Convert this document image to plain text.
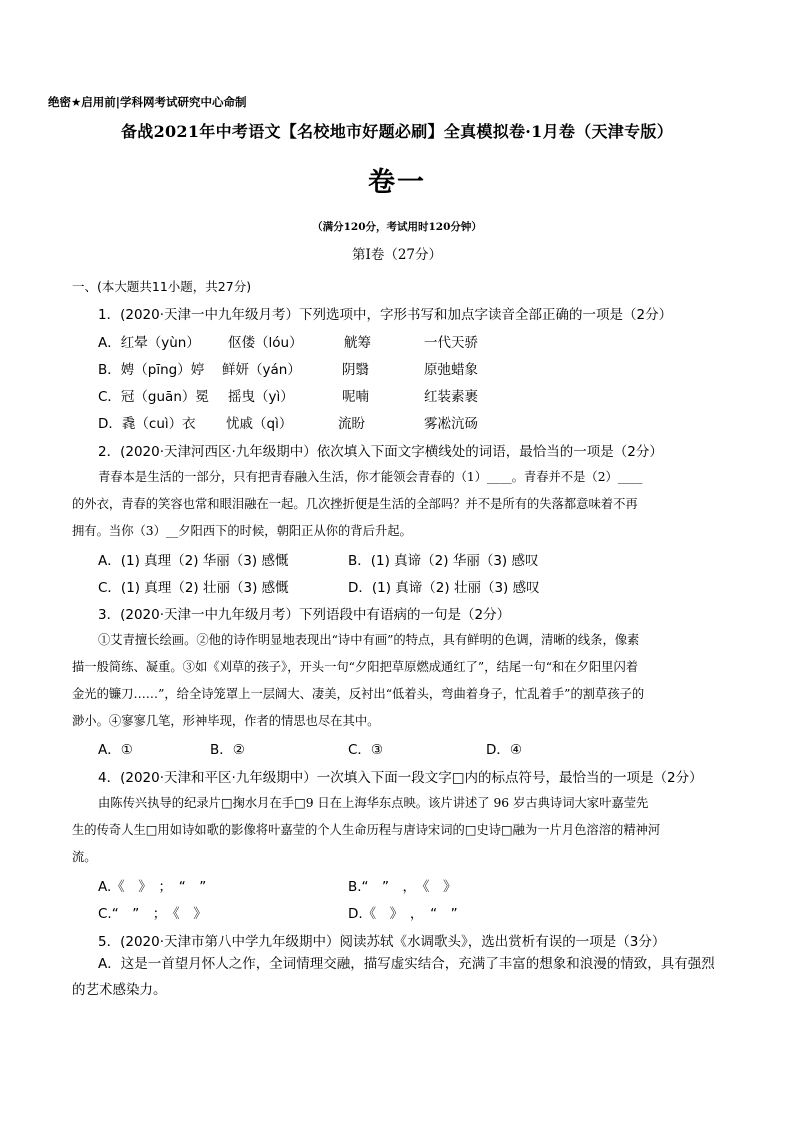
绝密★启用前|学科网考试研究中心命制
备战2021年中考语文【名校地市好题必刷】全真模拟卷·1月卷（天津专版）
卷一
（满分120分，考试用时120分钟）
第Ⅰ卷（27分）
一、(本大题共11小题，共27分)
1．(2020·天津一中九年级月考）下列选项中，字形书写和加点字读音全部正确的一项是（2分）
A．红晕（yùn） 伛偻（lóu）	觥筹	一代天骄
B．娉（pīng）婷 鲜妍（yán）	阴翳	原弛蜡象
C．冠（guān）冕 摇曳（yì）	呢喃	红装素裹
D．毳（cuì）衣 忧戚（qì）	流盼	雾凇沆砀
2．(2020·天津河西区·九年级期中）依次填入下面文字横线处的词语，最恰当的一项是（2分）
青春本是生活的一部分，只有把青春融入生活，你才能领会青春的（1）____。青春并不是（2）____
的外衣，青春的笑容也常和眼泪融在一起。几次挫折便是生活的全部吗？并不是所有的失落都意味着不再
拥有。当你（3）__夕阳西下的时候，朝阳正从你的背后升起。
A．(1) 真理（2) 华丽（3) 感慨	B．(1) 真谛（2) 华丽（3) 感叹
C．(1) 真理（2) 壮丽（3) 感慨	D．(1) 真谛（2) 壮丽（3) 感叹
3．(2020·天津一中九年级月考）下列语段中有语病的一句是（2分）
①艾青擅长绘画。②他的诗作明显地表现出“诗中有画”的特点，具有鲜明的色调，清晰的线条，像素
描一般简练、凝重。③如《刈草的孩子》，开头一句“夕阳把草原燃成通红了”，结尾一句“和在夕阳里闪着
金光的镰刀……”，给全诗笼罩上一层阔大、凄美，反衬出“低着头，弯曲着身子，忙乱着手”的割草孩子的
渺小。④寥寥几笔，形神毕现，作者的情思也尽在其中。
A．①	B．②	C．③	D．④
4．(2020·天津和平区·九年级期中）一次填入下面一段文字□内的标点符号，最恰当的一项是（2分）
由陈传兴执导的纪录片□掬水月在手□9 日在上海华东点映。该片讲述了 96 岁古典诗词大家叶嘉莹先
生的传奇人生□用如诗如歌的影像将叶嘉莹的个人生命历程与唐诗宋词的□史诗□融为一片月色溶溶的精神河
流。
A.《　》　；　“　”	B.“　”　，　《　》
C.“　”　；　《　》	D.《　》　，　“　”
5．(2020·天津市第八中学九年级期中）阅读苏轼《水调歌头》，选出赏析有误的一项是（3分）
A．这是一首望月怀人之作，全词情理交融，描写虚实结合，充满了丰富的想象和浪漫的情致，具有强烈的艺术感染力。
